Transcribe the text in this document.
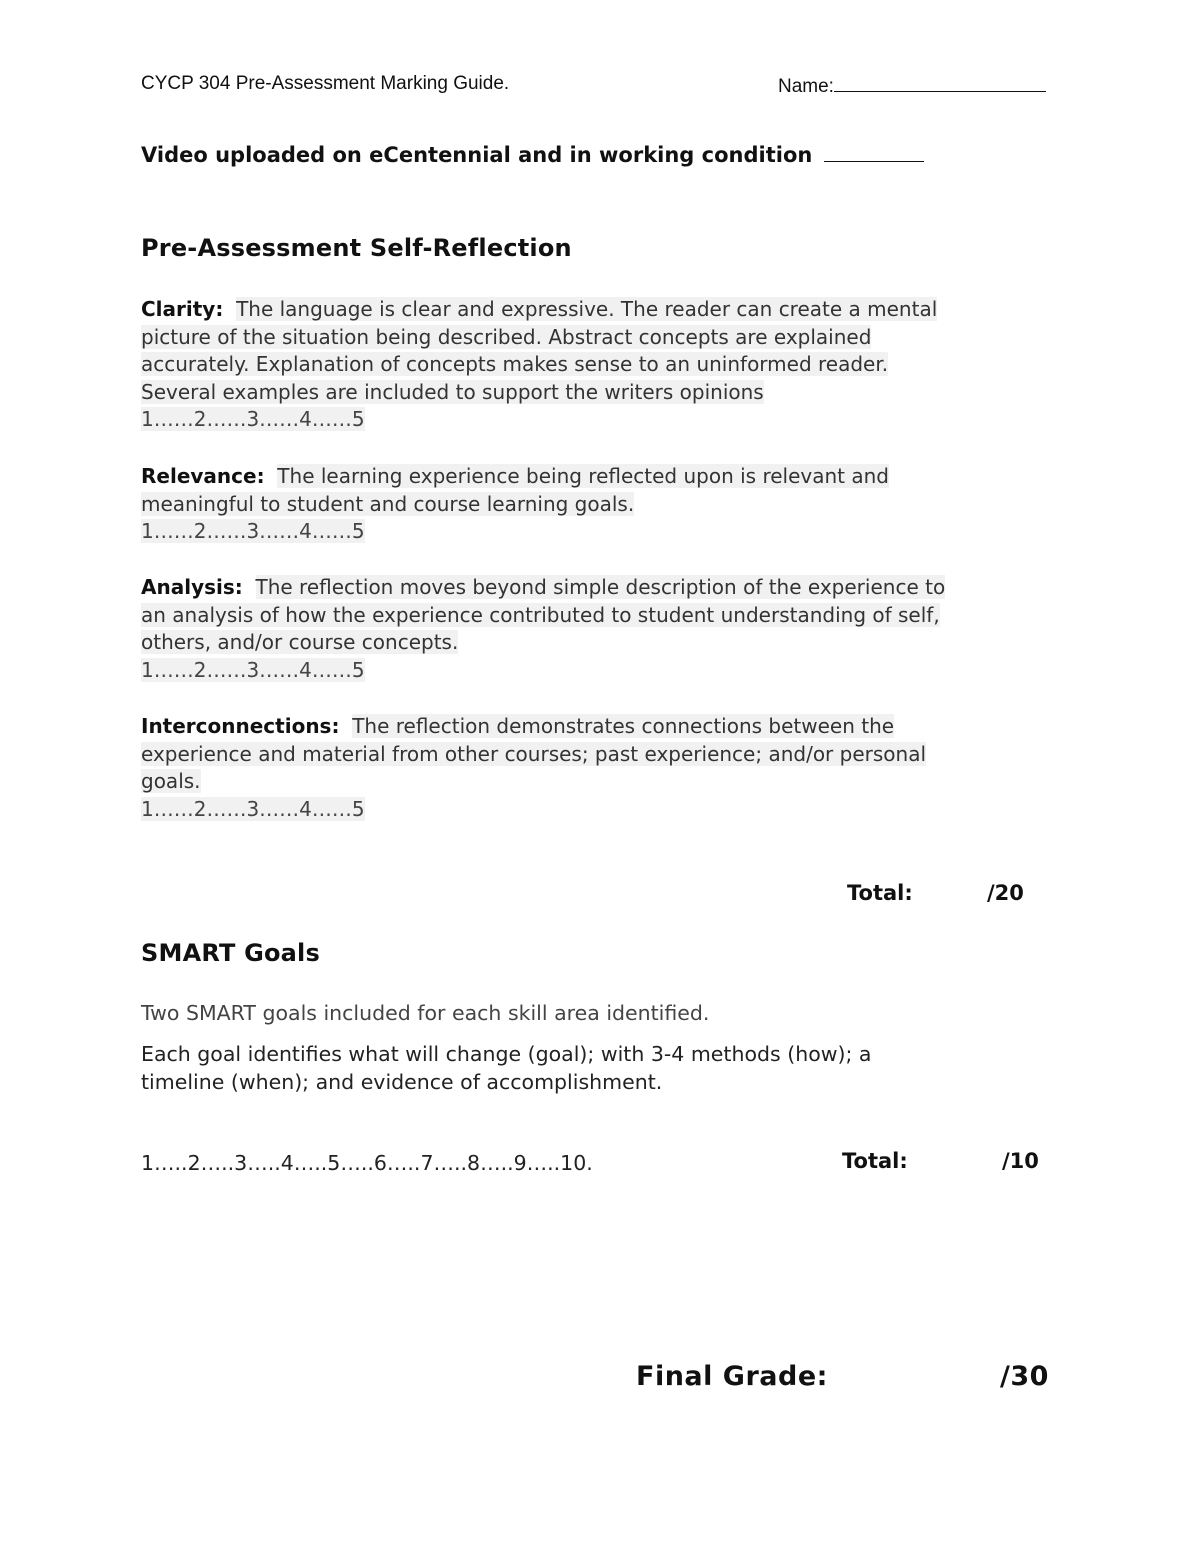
CYCP 304 Pre-Assessment Marking Guide.	Name:
Video uploaded on eCentennial and in working condition
Pre-Assessment Self-Reflection
Clarity: The language is clear and expressive. The reader can create a mental
picture of the situation being described. Abstract concepts are explained
accurately. Explanation of concepts makes sense to an uninformed reader.
Several examples are included to support the writers opinions
1……2……3……4……5
Relevance: The learning experience being reflected upon is relevant and
meaningful to student and course learning goals.
1……2……3……4……5
Analysis: The reflection moves beyond simple description of the experience to
an analysis of how the experience contributed to student understanding of self,
others, and/or course concepts.
1……2……3……4……5
Interconnections: The reflection demonstrates connections between the
experience and material from other courses; past experience; and/or personal
goals.
1……2……3……4……5
Total:	/20
SMART Goals
Two SMART goals included for each skill area identified.
Each goal identifies what will change (goal); with 3-4 methods (how); a
timeline (when); and evidence of accomplishment.
1…..2…..3…..4…..5…..6…..7…..8…..9…..10.	Total:	/10
Final Grade:	/30
